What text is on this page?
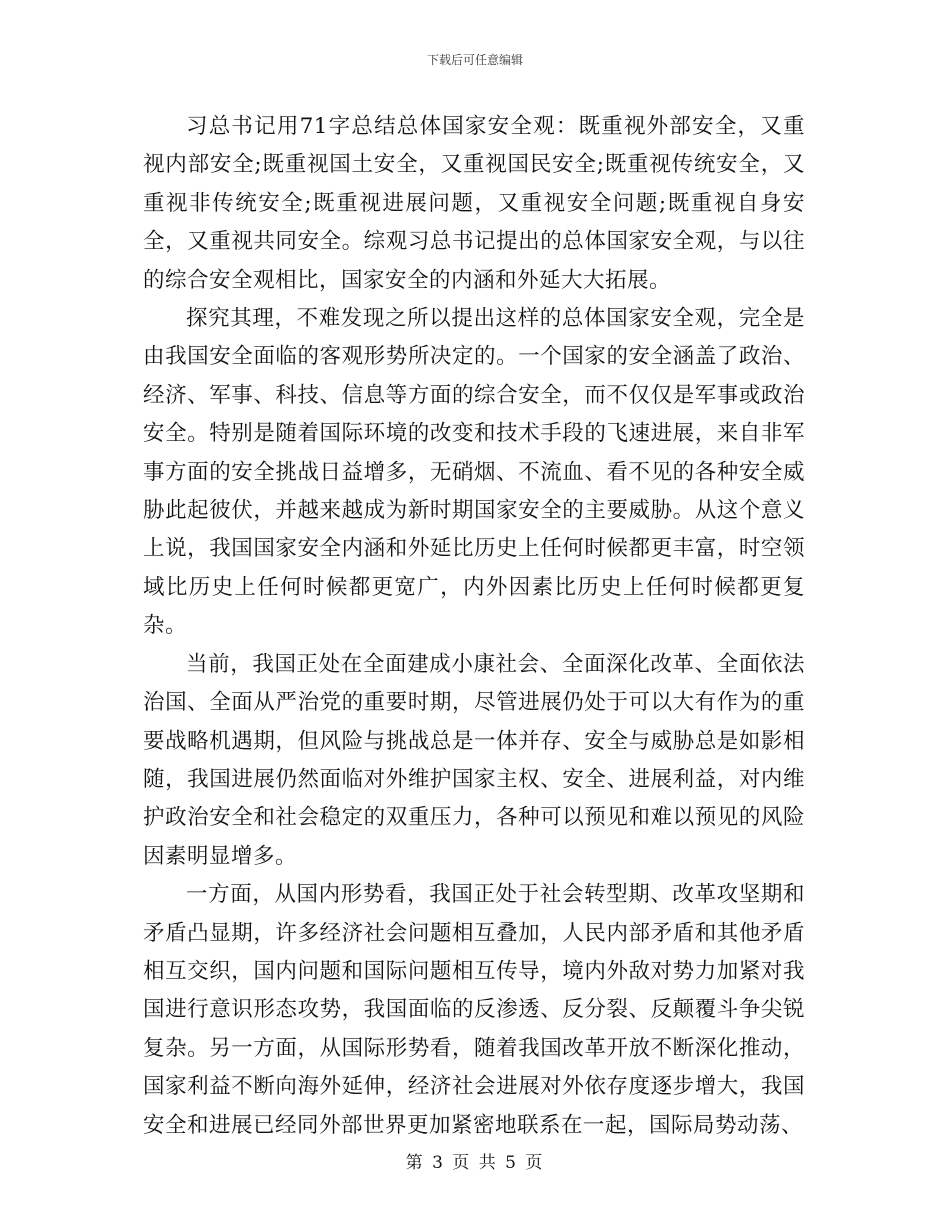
下载后可任意编辑

习总书记用71字总结总体国家安全观：既重视外部安全，又重视内部安全;既重视国土安全，又重视国民安全;既重视传统安全，又重视非传统安全;既重视进展问题，又重视安全问题;既重视自身安全，又重视共同安全。综观习总书记提出的总体国家安全观，与以往的综合安全观相比，国家安全的内涵和外延大大拓展。

探究其理，不难发现之所以提出这样的总体国家安全观，完全是由我国安全面临的客观形势所决定的。一个国家的安全涵盖了政治、经济、军事、科技、信息等方面的综合安全，而不仅仅是军事或政治安全。特别是随着国际环境的改变和技术手段的飞速进展，来自非军事方面的安全挑战日益增多，无硝烟、不流血、看不见的各种安全威胁此起彼伏，并越来越成为新时期国家安全的主要威胁。从这个意义上说，我国国家安全内涵和外延比历史上任何时候都更丰富，时空领域比历史上任何时候都更宽广，内外因素比历史上任何时候都更复杂。

当前，我国正处在全面建成小康社会、全面深化改革、全面依法治国、全面从严治党的重要时期，尽管进展仍处于可以大有作为的重要战略机遇期，但风险与挑战总是一体并存、安全与威胁总是如影相随，我国进展仍然面临对外维护国家主权、安全、进展利益，对内维护政治安全和社会稳定的双重压力，各种可以预见和难以预见的风险因素明显增多。

一方面，从国内形势看，我国正处于社会转型期、改革攻坚期和矛盾凸显期，许多经济社会问题相互叠加，人民内部矛盾和其他矛盾相互交织，国内问题和国际问题相互传导，境内外敌对势力加紧对我国进行意识形态攻势，我国面临的反渗透、反分裂、反颠覆斗争尖锐复杂。另一方面，从国际形势看，随着我国改革开放不断深化推动，国家利益不断向海外延伸，经济社会进展对外依存度逐步增大，我国安全和进展已经同外部世界更加紧密地联系在一起，国际局势动荡、

第 3 页 共 5 页
